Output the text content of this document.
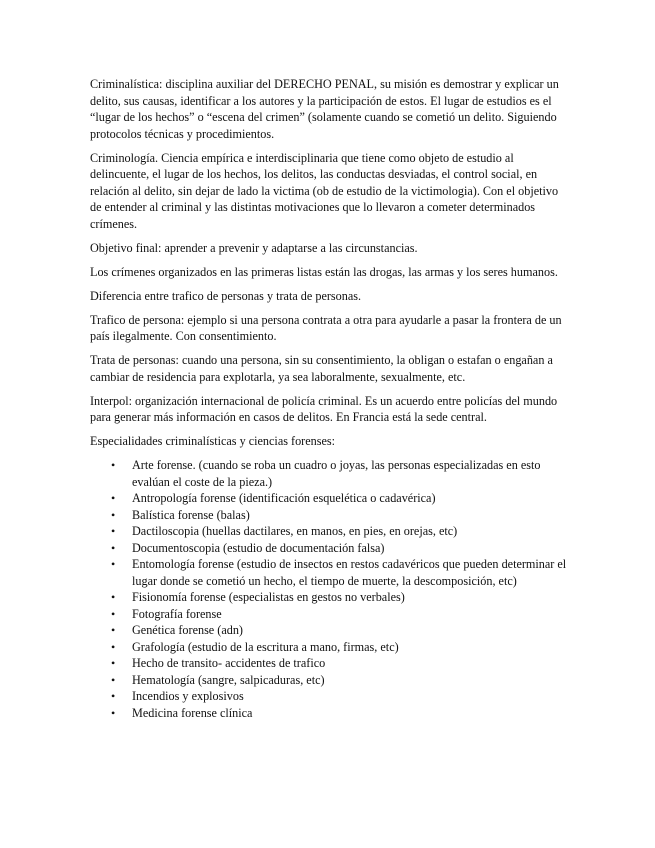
Criminalística: disciplina auxiliar del DERECHO PENAL, su misión es demostrar y explicar un delito, sus causas, identificar a los autores y la participación de estos. El lugar de estudios es el “lugar de los hechos” o “escena del crimen” (solamente cuando se cometió un delito. Siguiendo protocolos técnicas y procedimientos.

Criminología. Ciencia empírica e interdisciplinaria que tiene como objeto de estudio al delincuente, el lugar de los hechos, los delitos, las conductas desviadas, el control social, en relación al delito, sin dejar de lado la victima (ob de estudio de la victimologia). Con el objetivo de entender al criminal y las distintas motivaciones que lo llevaron a cometer determinados crímenes.

Objetivo final: aprender a prevenir y adaptarse a las circunstancias.

Los crímenes organizados en las primeras listas están las drogas, las armas y los seres humanos.

Diferencia entre trafico de personas y trata de personas.

Trafico de persona: ejemplo si una persona contrata a otra para ayudarle a pasar la frontera de un país ilegalmente. Con consentimiento.

Trata de personas: cuando una persona, sin su consentimiento, la obligan o estafan o engañan a cambiar de residencia para explotarla, ya sea laboralmente, sexualmente, etc.

Interpol: organización internacional de policía criminal. Es un acuerdo entre policías del mundo para generar más información en casos de delitos. En Francia está la sede central.

Especialidades criminalísticas y ciencias forenses:

• Arte forense. (cuando se roba un cuadro o joyas, las personas especializadas en esto evalúan el coste de la pieza.)
• Antropología forense (identificación esquelética o cadavérica)
• Balística forense (balas)
• Dactiloscopia (huellas dactilares, en manos, en pies, en orejas, etc)
• Documentoscopia (estudio de documentación falsa)
• Entomología forense (estudio de insectos en restos cadavéricos que pueden determinar el lugar donde se cometió un hecho, el tiempo de muerte, la descomposición, etc)
• Fisionomía forense (especialistas en gestos no verbales)
• Fotografía forense
• Genética forense (adn)
• Grafología (estudio de la escritura a mano, firmas, etc)
• Hecho de transito- accidentes de trafico
• Hematología (sangre, salpicaduras, etc)
• Incendios y explosivos
• Medicina forense clínica
